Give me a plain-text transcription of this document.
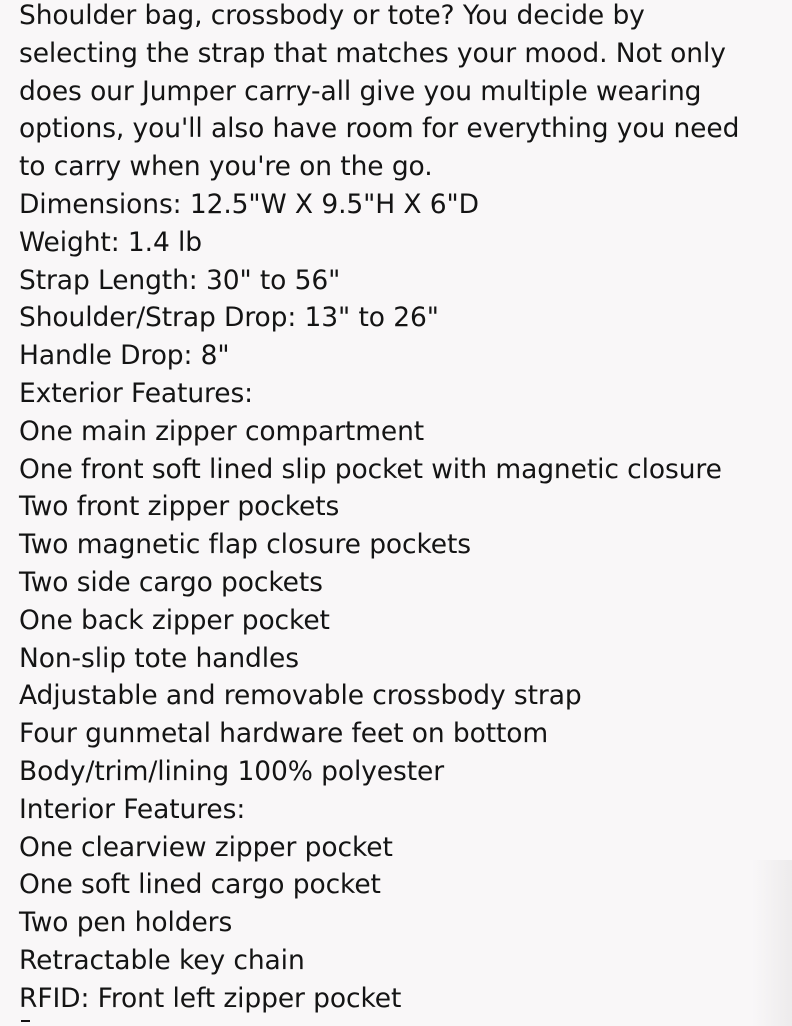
Shoulder bag, crossbody or tote? You decide by
selecting the strap that matches your mood. Not only
does our Jumper carry-all give you multiple wearing
options, you'll also have room for everything you need
to carry when you're on the go.
Dimensions: 12.5"W X 9.5"H X 6"D
Weight: 1.4 lb
Strap Length: 30" to 56"
Shoulder/Strap Drop: 13" to 26"
Handle Drop: 8"
Exterior Features:
One main zipper compartment
One front soft lined slip pocket with magnetic closure
Two front zipper pockets
Two magnetic flap closure pockets
Two side cargo pockets
One back zipper pocket
Non-slip tote handles
Adjustable and removable crossbody strap
Four gunmetal hardware feet on bottom
Body/trim/lining 100% polyester
Interior Features:
One clearview zipper pocket
One soft lined cargo pocket
Two pen holders
Retractable key chain
RFID: Front left zipper pocket
